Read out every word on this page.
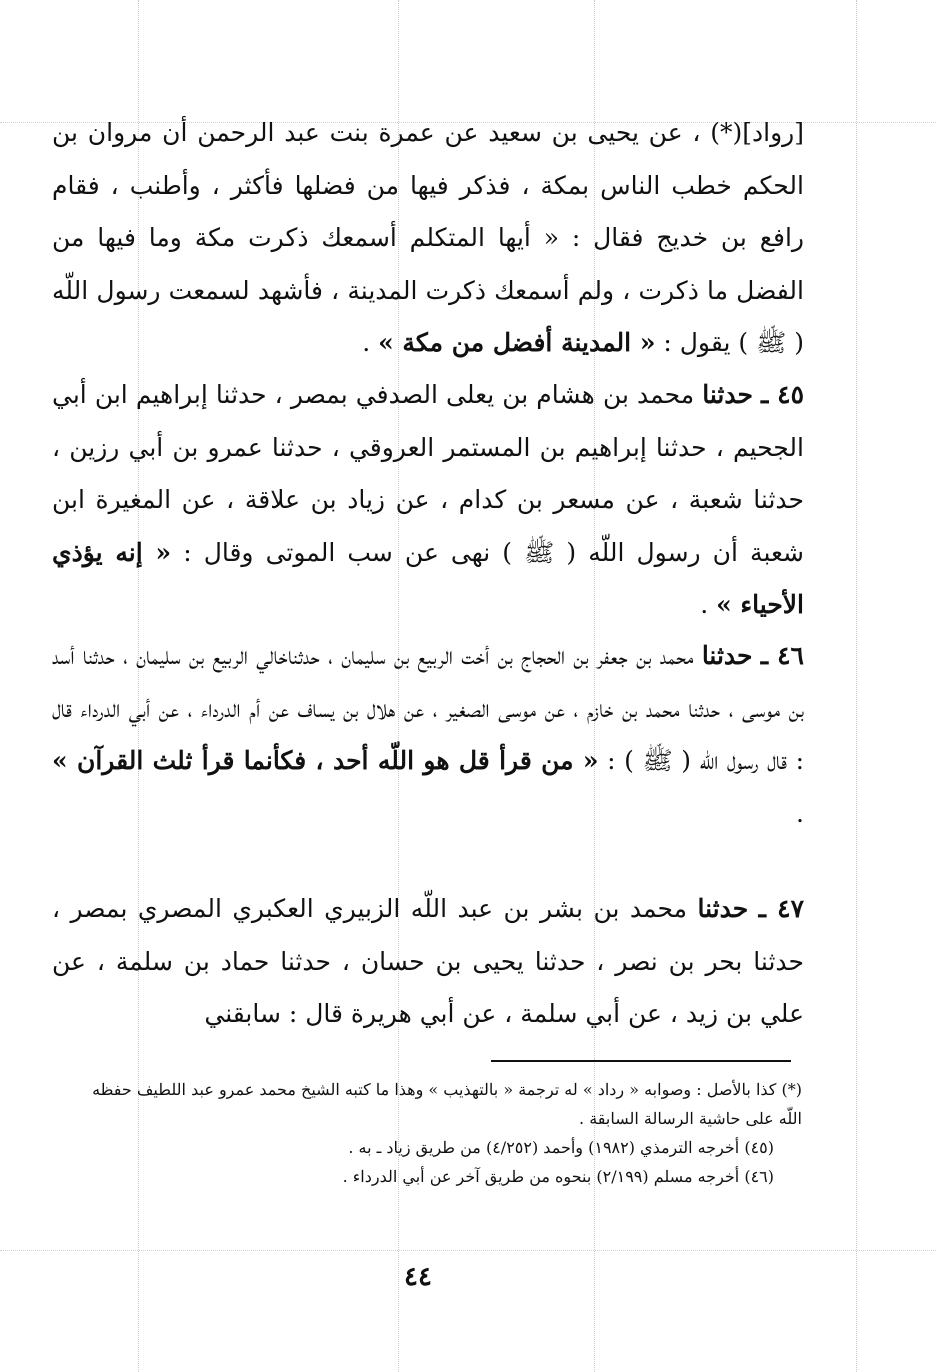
[رواد](*) ، عن يحيى بن سعيد عن عمرة بنت عبد الرحمن أن مروان بن الحكم خطب الناس بمكة ، فذكر فيها من فضلها فأكثر ، وأطنب ، فقام رافع بن خديج فقال : « أيها المتكلم أسمعك ذكرت مكة وما فيها من الفضل ما ذكرت ، ولم أسمعك ذكرت المدينة ، فأشهد لسمعت رسول اللّه ( ﷺ ) يقول : « المدينة أفضل من مكة » .

٤٥ ـ حدثنا محمد بن هشام بن يعلى الصدفي بمصر ، حدثنا إبراهيم ابن أبي الجحيم ، حدثنا إبراهيم بن المستمر العروقي ، حدثنا عمرو بن أبي رزين ، حدثنا شعبة ، عن مسعر بن كدام ، عن زياد بن علاقة ، عن المغيرة ابن شعبة أن رسول اللّه ( ﷺ ) نهى عن سب الموتى وقال : « إنه يؤذي الأحياء » .

٤٦ ـ حدثنا محمد بن جعفر بن الحجاج بن أخت الربيع بن سليمان ، حدثناخالي الربيع بن سليمان ، حدثنا أسد بن موسى ، حدثنا محمد بن خازم ، عن موسى الصغير ، عن هلال بن يساف عن أم الدرداء ، عن أبي الدرداء قال : قال رسول اللّه ( ﷺ ) : « من قرأ قل هو اللّه أحد ، فكأنما قرأ ثلث القرآن » .

٤٧ ـ حدثنا محمد بن بشر بن عبد اللّه الزبيري العكبري المصري بمصر ، حدثنا بحر بن نصر ، حدثنا يحيى بن حسان ، حدثنا حماد بن سلمة ، عن علي بن زيد ، عن أبي سلمة ، عن أبي هريرة قال : سابقني

(*) كذا بالأصل : وصوابه « رداد » له ترجمة « بالتهذيب » وهذا ما كتبه الشيخ محمد عمرو عبد اللطيف حفظه اللّه على حاشية الرسالة السابقة .

(٤٥) أخرجه الترمذي (١٩٨٢) وأحمد (٤/٢٥٢) من طريق زياد ـ به .

(٤٦) أخرجه مسلم (٢/١٩٩) بنحوه من طريق آخر عن أبي الدرداء .

٤٤
